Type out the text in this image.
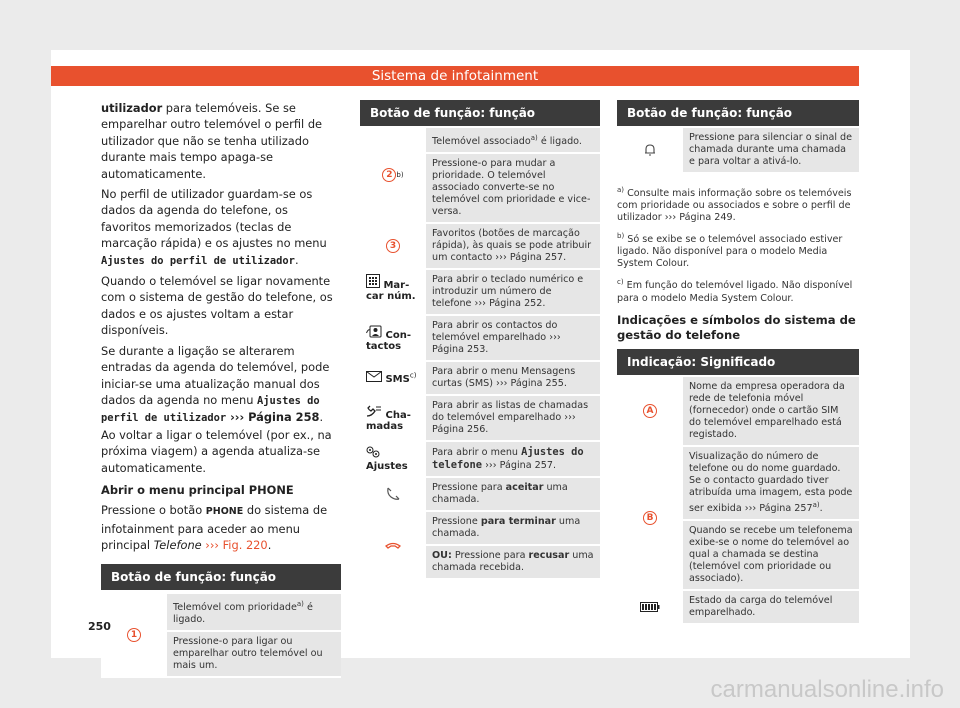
Sistema de infotainment

utilizador para telemóveis. Se se emparelhar outro telemóvel o perfil de utilizador que não se tenha utilizado durante mais tempo apaga-se automaticamente.

No perfil de utilizador guardam-se os dados da agenda do telefone, os favoritos memorizados (teclas de marcação rápida) e os ajustes no menu Ajustes do perfil de utilizador.

Quando o telemóvel se ligar novamente com o sistema de gestão do telefone, os dados e os ajustes voltam a estar disponíveis.

Se durante a ligação se alterarem entradas da agenda do telemóvel, pode iniciar-se uma atualização manual dos dados da agenda no menu Ajustes do perfil de utilizador ››› Página 258. Ao voltar a ligar o telemóvel (por ex., na próxima viagem) a agenda atualiza-se automaticamente.

Abrir o menu principal PHONE

Pressione o botão PHONE do sistema de infotainment para aceder ao menu principal Telefone ››› Fig. 220.

Botão de função: função
1
Telemóvel com prioridade$^{a)}$ é ligado.
Pressione-o para ligar ou emparelhar outro telemóvel ou mais um.
Botão de função: função
2 b)
Telemóvel associado$^{a)}$ é ligado.
Pressione-o para mudar a prioridade. O telemóvel associado converte-se no telemóvel com prioridade e vice-versa.
3
Favoritos (botões de marcação rápida), às quais se pode atribuir um contacto ››› Página 257.
Marcar núm.
Para abrir o teclado numérico e introduzir um número de telefone ››› Página 252.
Contactos
Para abrir os contactos do telemóvel emparelhado ››› Página 253.
SMS$^{c)}$	Para abrir o menu Mensagens curtas (SMS) ››› Página 255.
Chamadas
Para abrir as listas de chamadas do telemóvel emparelhado ››› Página 256.
Ajustes
Para abrir o menu Ajustes do telefone ››› Página 257.
Pressione para aceitar uma chamada.
Pressione para terminar uma chamada.
OU: Pressione para recusar uma chamada recebida.
Botão de função: função
Pressione para silenciar o sinal de chamada durante uma chamada e para voltar a ativá-lo.

$^{a)}$ Consulte mais informação sobre os telemóveis com prioridade ou associados e sobre o perfil de utilizador ››› Página 249.

$^{b)}$ Só se exibe se o telemóvel associado estiver ligado. Não disponível para o modelo Media System Colour.

$^{c)}$ Em função do telemóvel ligado. Não disponível para o modelo Media System Colour.

Indicações e símbolos do sistema de gestão do telefone

Indicação: Significado
A
Nome da empresa operadora da rede de telefonia móvel (fornecedor) onde o cartão SIM do telemóvel emparelhado está registado.
B
Visualização do número de telefone ou do nome guardado. Se o contacto guardado tiver atribuída uma imagem, esta pode ser exibida ››› Página 257$^{a)}$.
Quando se recebe um telefonema exibe-se o nome do telemóvel ao qual a chamada se destina (telemóvel com prioridade ou associado).
Estado da carga do telemóvel emparelhado.
250
carmanualsonline.info
